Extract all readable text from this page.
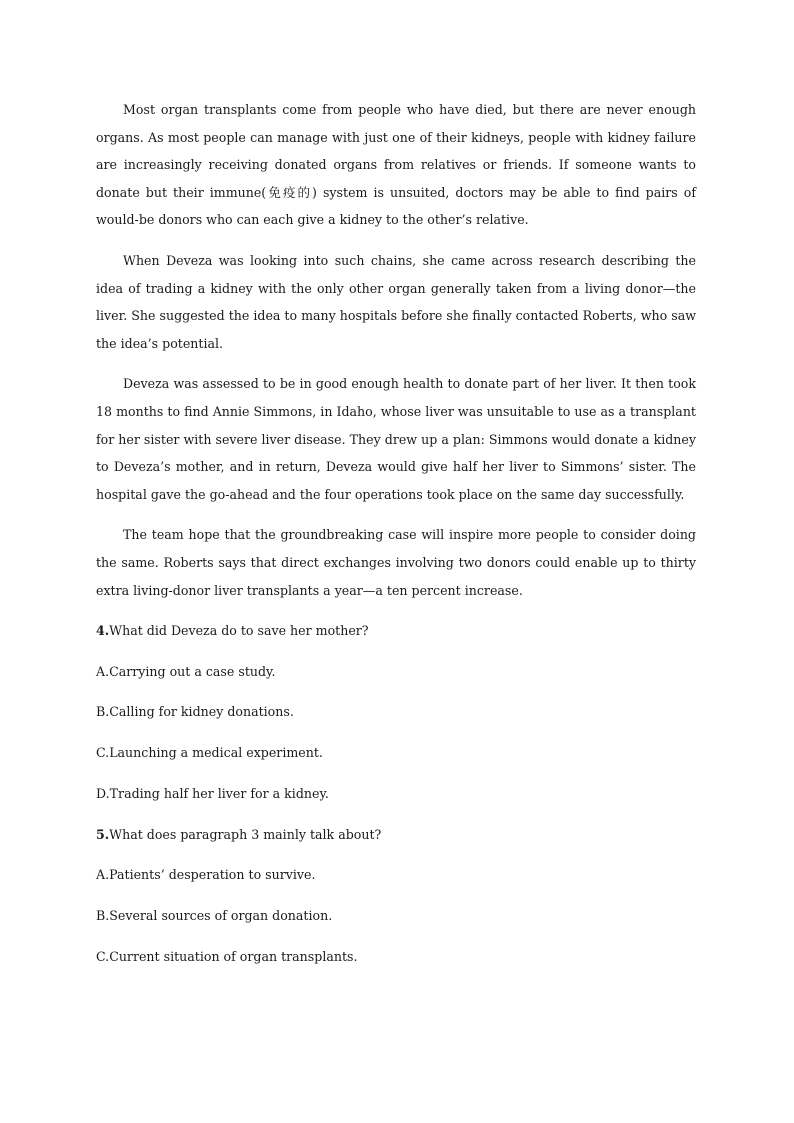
Most organ transplants come from people who have died, but there are never enough organs. As most people can manage with just one of their kidneys, people with kidney failure are increasingly receiving donated organs from relatives or friends. If someone wants to donate but their immune(免疫的) system is unsuited, doctors may be able to find pairs of would-be donors who can each give a kidney to the other’s relative.

When Deveza was looking into such chains, she came across research describing the idea of trading a kidney with the only other organ generally taken from a living donor—the liver. She suggested the idea to many hospitals before she finally contacted Roberts, who saw the idea’s potential.

Deveza was assessed to be in good enough health to donate part of her liver. It then took 18 months to find Annie Simmons, in Idaho, whose liver was unsuitable to use as a transplant for her sister with severe liver disease. They drew up a plan: Simmons would donate a kidney to Deveza’s mother, and in return, Deveza would give half her liver to Simmons’ sister. The hospital gave the go-ahead and the four operations took place on the same day successfully.

The team hope that the groundbreaking case will inspire more people to consider doing the same. Roberts says that direct exchanges involving two donors could enable up to thirty extra living-donor liver transplants a year—a ten percent increase.

4.What did Deveza do to save her mother?

A.Carrying out a case study.

B.Calling for kidney donations.

C.Launching a medical experiment.

D.Trading half her liver for a kidney.

5.What does paragraph 3 mainly talk about?

A.Patients’ desperation to survive.

B.Several sources of organ donation.

C.Current situation of organ transplants.
